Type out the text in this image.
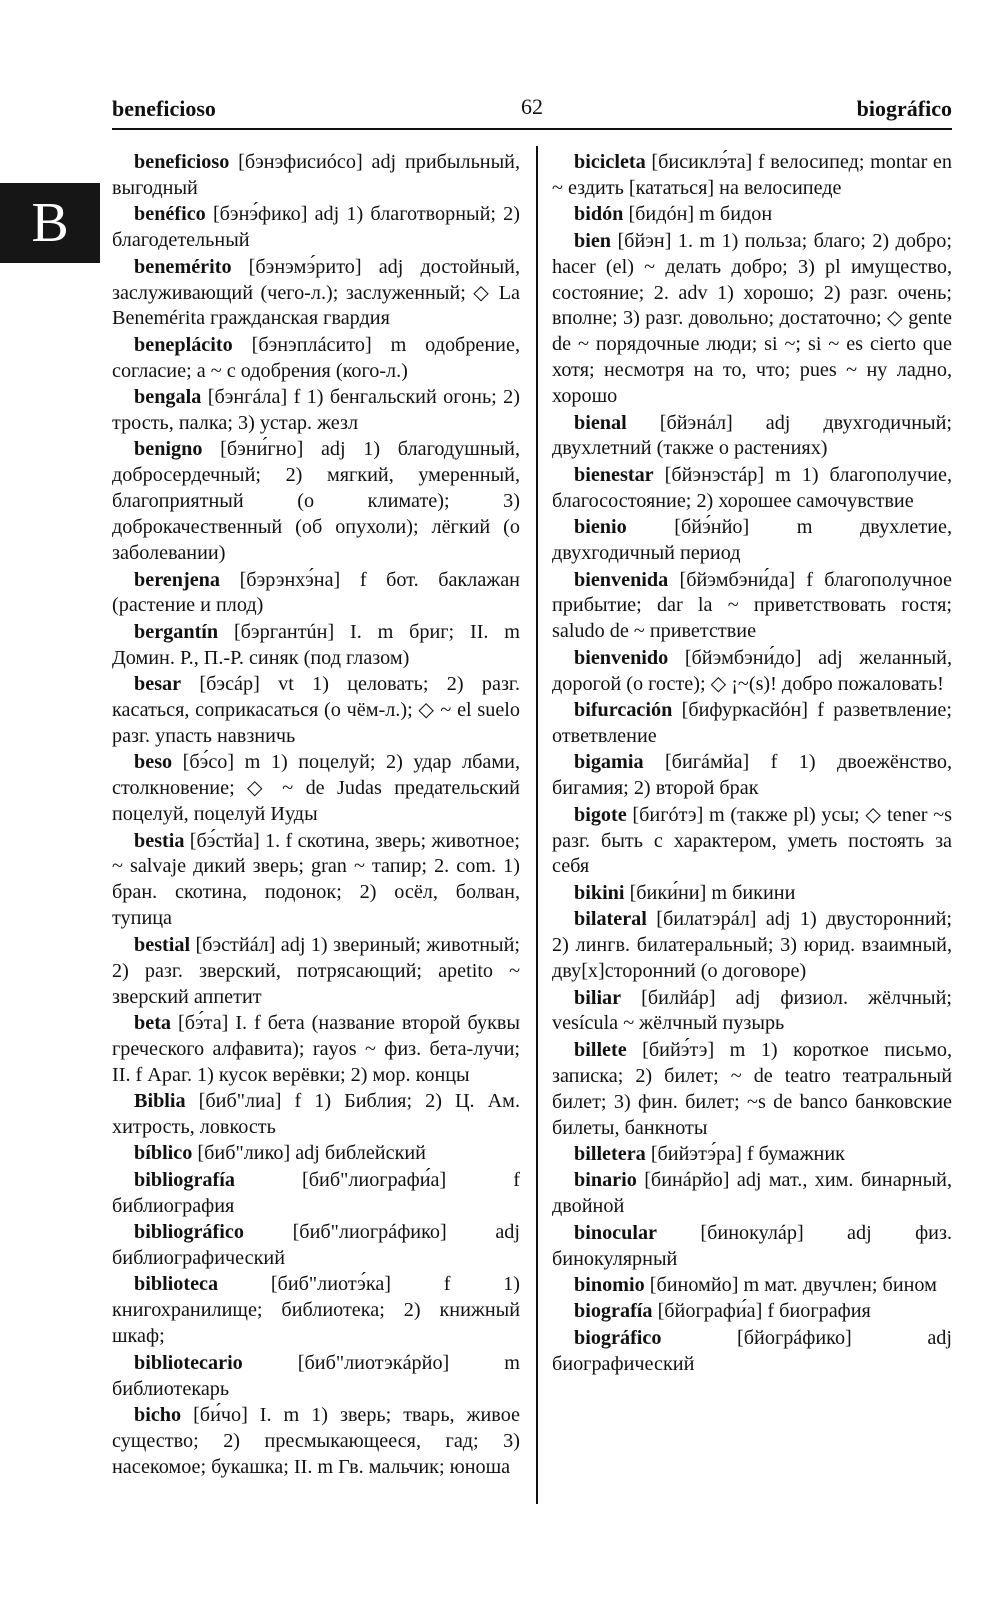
beneficioso	62	biográfico
B

beneficioso [бэнэфисиóсо] adj прибыльный, выгодный

benéfico [бэнэ́фико] adj 1) благотворный; 2) благодетельный

benemérito [бэнэмэ́рито] adj достойный, заслуживающий (чего-л.); заслуженный; ◇ La Benemérita гражданская гвардия

beneplácito [бэнэплáсито] m одобрение, согласие; a ~ с одобрения (кого-л.)

bengala [бэнгáла] f 1) бенгальский огонь; 2) трость, палка; 3) устар. жезл

benigno [бэни́гно] adj 1) благодушный, добросердечный; 2) мягкий, умеренный, благоприятный (о климате); 3) доброкачественный (об опухоли); лёгкий (о заболевании)

berenjena [бэрэнхэ́на] f бот. баклажан (растение и плод)

bergantín [бэргантúн] I. m бриг; II. m Домин. Р., П.-Р. синяк (под глазом)

besar [бэсáр] vt 1) целовать; 2) разг. касаться, соприкасаться (о чём-л.); ◇ ~ el suelo разг. упасть навзничь

beso [бэ́со] m 1) поцелуй; 2) удар лбами, столкновение; ◇ ~ de Judas предательский поцелуй, поцелуй Иуды

bestia [бэ́стйа] 1. f скотина, зверь; животное; ~ salvaje дикий зверь; gran ~ тапир; 2. com. 1) бран. скотина, подонок; 2) осёл, болван, тупица

bestial [бэстйáл] adj 1) звериный; животный; 2) разг. зверский, потрясающий; apetito ~ зверский аппетит

beta [бэ́та] I. f бета (название второй буквы греческого алфавита); rayos ~ физ. бета-лучи; II. f Араг. 1) кусок верёвки; 2) мор. концы

Biblia [биб"лиа] f 1) Библия; 2) Ц. Ам. хитрость, ловкость

bíblico [биб"лико] adj библейский

bibliografía [биб"лиографи́а] f библиография

bibliográfico [биб"лиогрáфико] adj библиографический

biblioteca [биб"лиотэ́ка] f 1) книгохранилище; библиотека; 2) книжный шкаф;

bibliotecario [биб"лиотэкáрйо] m библиотекарь

bicho [би́чо] I. m 1) зверь; тварь, живое существо; 2) пресмыкающееся, гад; 3) насекомое; букашка; II. m Гв. мальчик; юноша

bicicleta [бисиклэ́та] f велосипед; montar en ~ ездить [кататься] на велосипеде

bidón [бидóн] m бидон

bien [бйэн] 1. m 1) польза; благо; 2) добро; hacer (el) ~ делать добро; 3) pl имущество, состояние; 2. adv 1) хорошо; 2) разг. очень; вполне; 3) разг. довольно; достаточно; ◇ gente de ~ порядочные люди; si ~; si ~ es cierto que хотя; несмотря на то, что; pues ~ ну ладно, хорошо

bienal [бйэнáл] adj двухгодичный; двухлетний (также о растениях)

bienestar [бйэнэстáр] m 1) благополучие, благосостояние; 2) хорошее самочувствие

bienio [бйэ́нйо] m двухлетие, двухгодичный период

bienvenida [бйэмбэни́да] f благополучное прибытие; dar la ~ приветствовать гостя; saludo de ~ приветствие

bienvenido [бйэмбэни́до] adj желанный, дорогой (о госте); ◇ ¡~(s)! добро пожаловать!

bifurcación [бифуркасйóн] f разветвление; ответвление

bigamia [бигáмйа] f 1) двоежёнство, бигамия; 2) второй брак

bigote [бигóтэ] m (также pl) усы; ◇ tener ~s разг. быть с характером, уметь постоять за себя

bikini [бики́ни] m бикини

bilateral [билатэрáл] adj 1) двусторонний; 2) лингв. билатеральный; 3) юрид. взаимный, дву[х]сторонний (о договоре)

biliar [билйáр] adj физиол. жёлчный; vesícula ~ жёлчный пузырь

billete [бийэ́тэ] m 1) короткое письмо, записка; 2) билет; ~ de teatro театральный билет; 3) фин. билет; ~s de banco банковские билеты, банкноты

billetera [бийэтэ́ра] f бумажник

binario [бинáрйо] adj мат., хим. бинарный, двойной

binocular [бинокулáр] adj физ. бинокулярный

binomio [биномйо] m мат. двучлен; бином

biografía [бйографи́а] f биография

biográfico [бйогрáфико] adj биографический
